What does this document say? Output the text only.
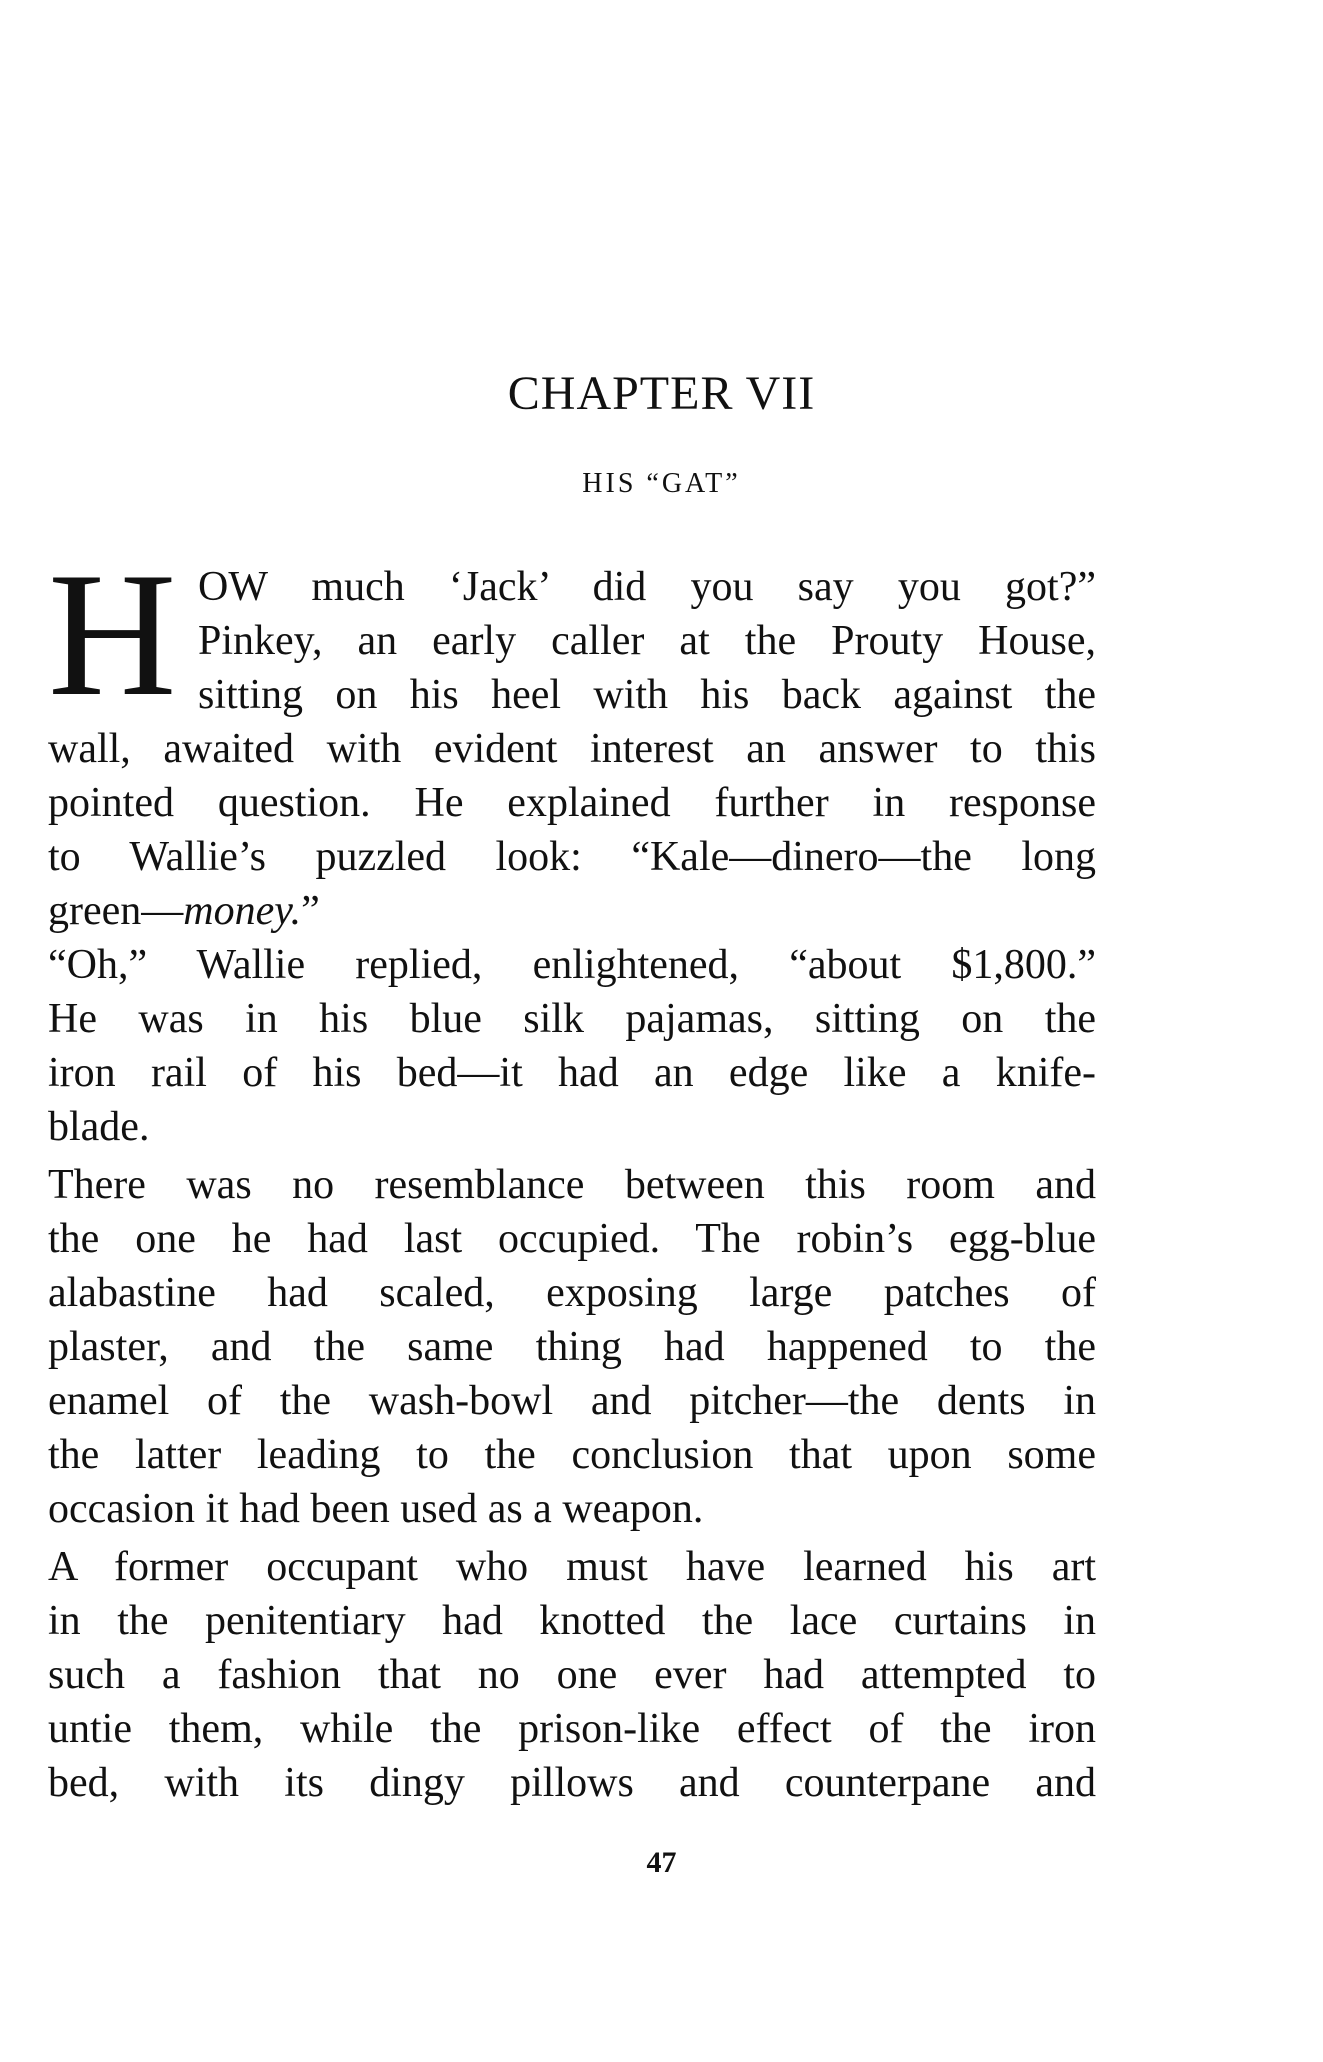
CHAPTER VII
HIS “GAT”
H OW much ‘Jack’ did you say you got?”
Pinkey, an early caller at the Prouty House,
sitting on his heel with his back against the
wall, awaited with evident interest an answer to this
pointed question. He explained further in response
to Wallie’s puzzled look: “Kale—dinero—the long
green—money.”
“Oh,” Wallie replied, enlightened, “about $1,800.”
He was in his blue silk pajamas, sitting on the
iron rail of his bed—it had an edge like a knife-
blade.
There was no resemblance between this room and
the one he had last occupied. The robin’s egg-blue
alabastine had scaled, exposing large patches of
plaster, and the same thing had happened to the
enamel of the wash-bowl and pitcher—the dents in
the latter leading to the conclusion that upon some
occasion it had been used as a weapon.
A former occupant who must have learned his art
in the penitentiary had knotted the lace curtains in
such a fashion that no one ever had attempted to
untie them, while the prison-like effect of the iron
bed, with its dingy pillows and counterpane and
47
